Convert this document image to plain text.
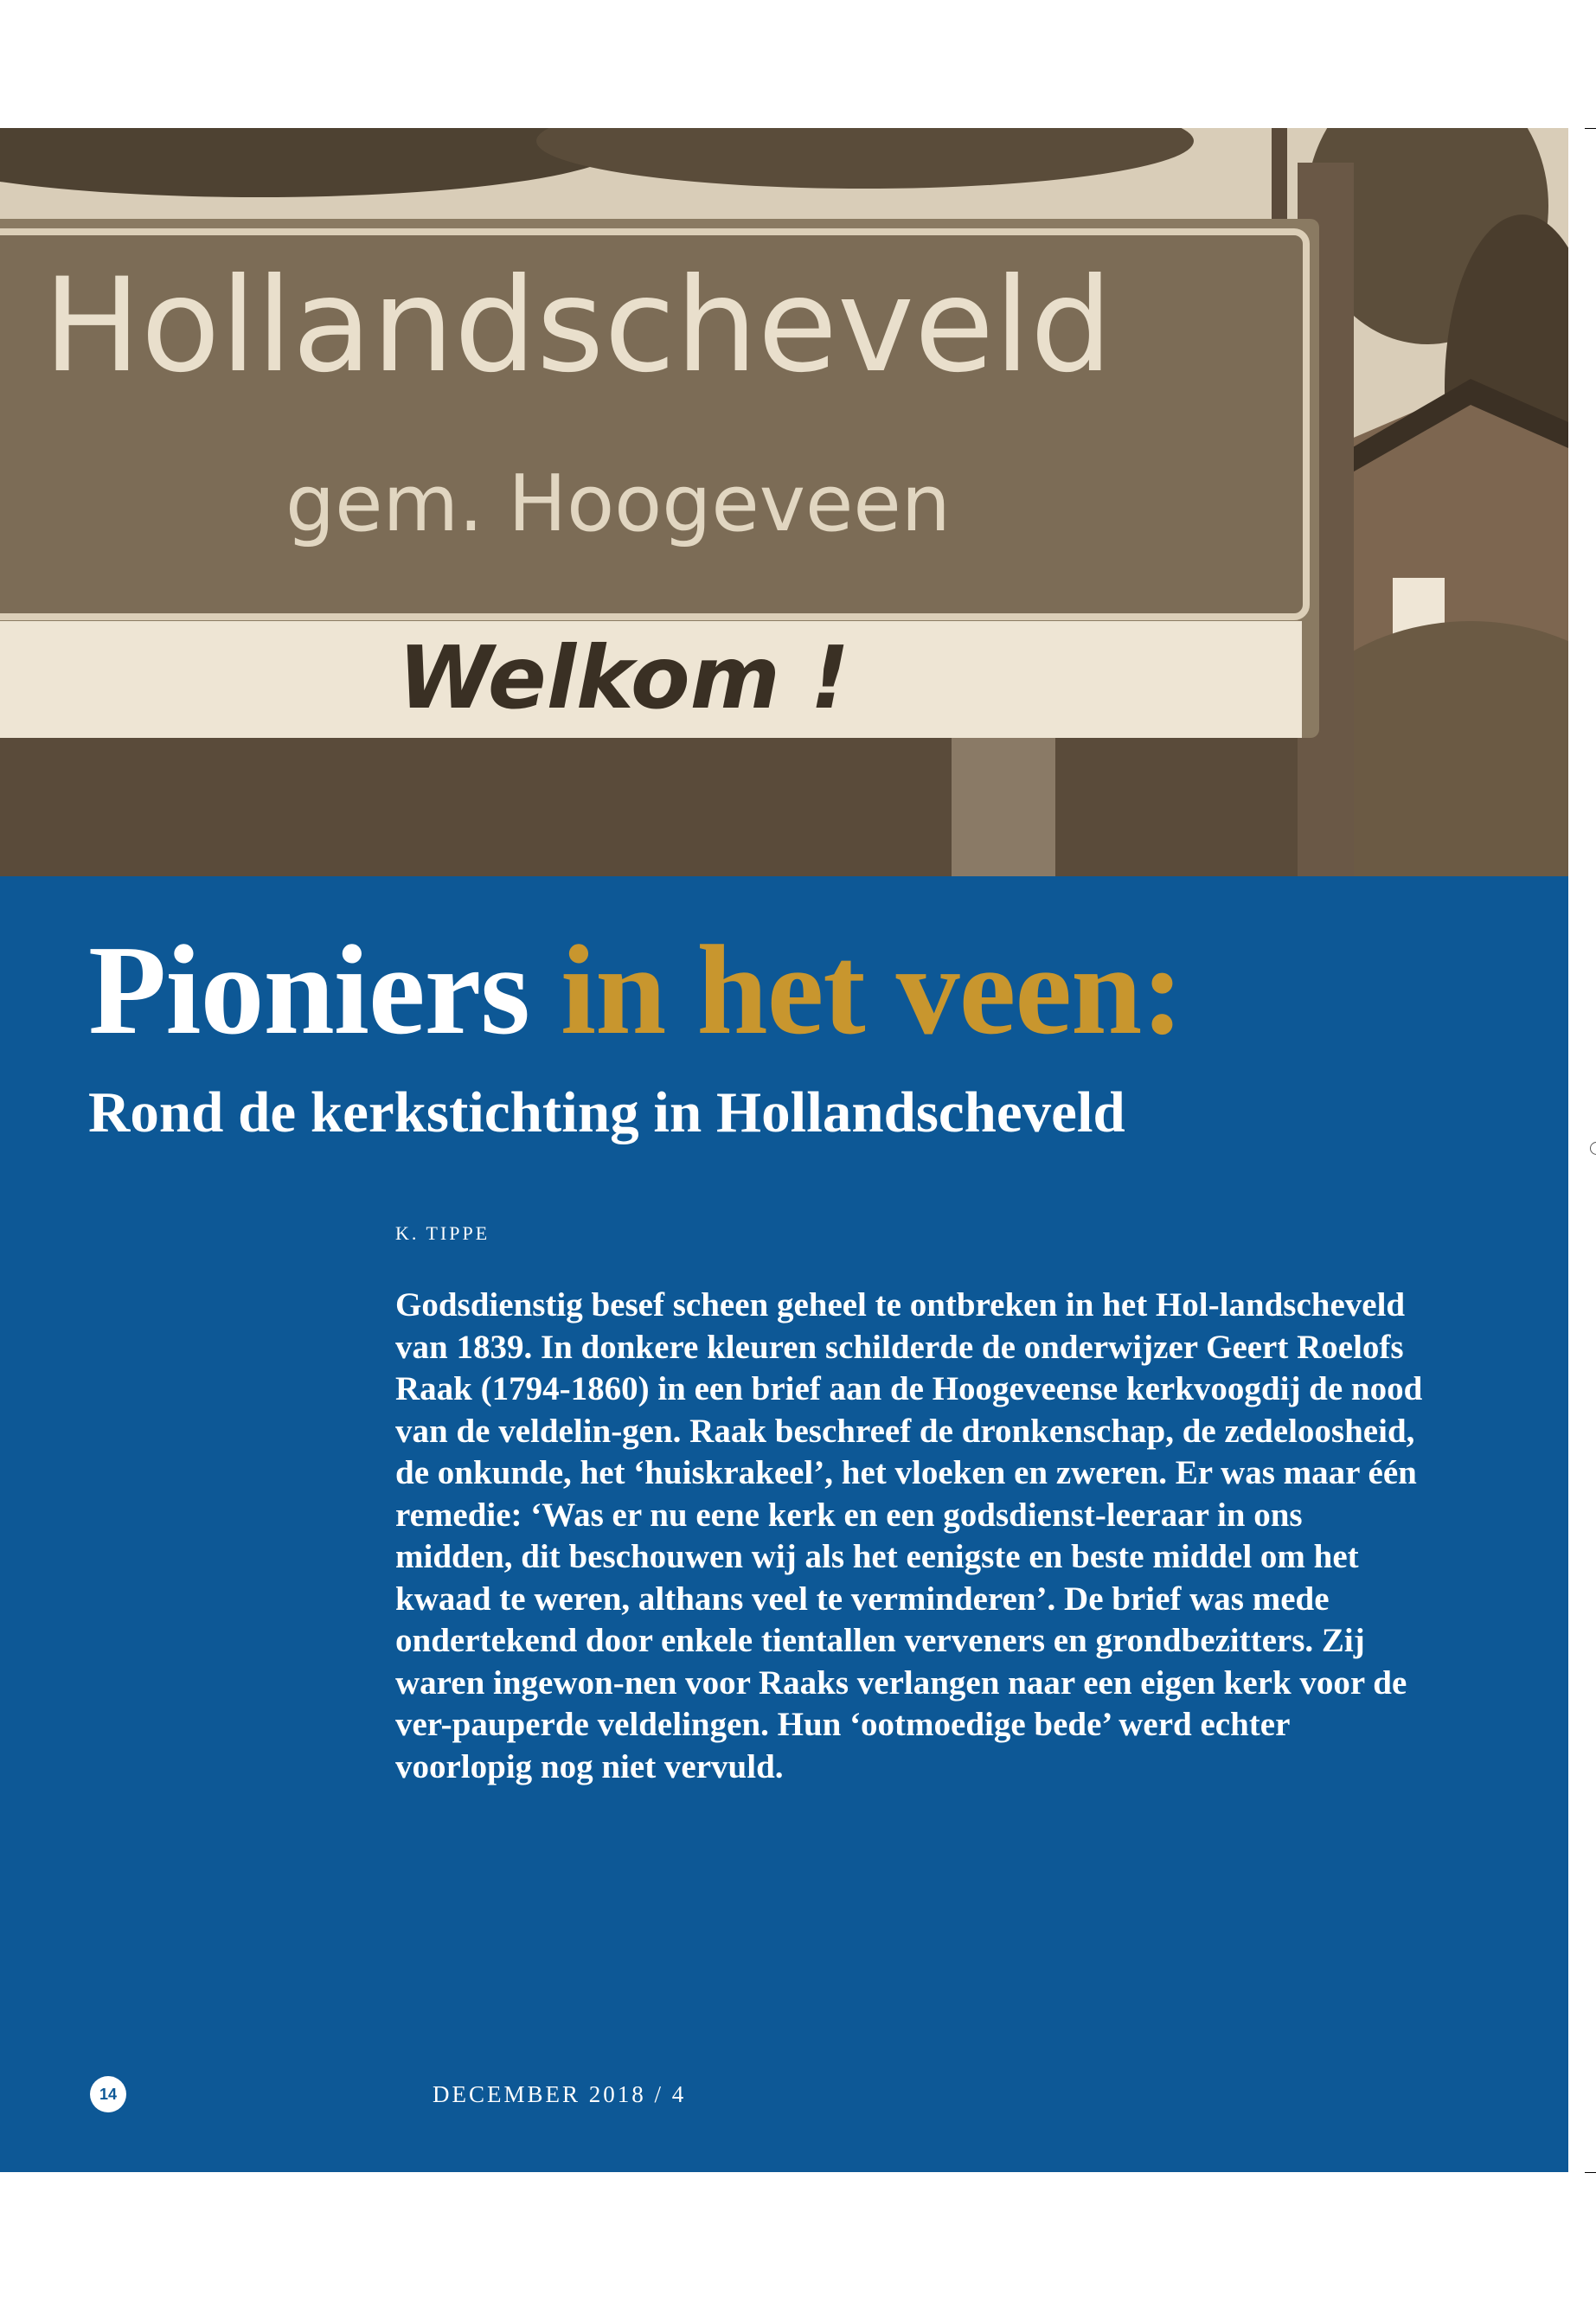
Hollandscheveld
gem. Hoogeveen
Welkom !
Pioniers in het veen:
Rond de kerkstichting in Hollandscheveld
K. TIPPE

Godsdienstig besef scheen geheel te ontbreken in het Hol-landscheveld van 1839. In donkere kleuren schilderde de onderwijzer Geert Roelofs Raak (1794-1860) in een brief aan de Hoogeveense kerkvoogdij de nood van de veldelin-gen. Raak beschreef de dronkenschap, de zedeloosheid, de onkunde, het ‘huiskrakeel’, het vloeken en zweren. Er was maar één remedie: ‘Was er nu eene kerk en een godsdienst-leeraar in ons midden, dit beschouwen wij als het eenigste en beste middel om het kwaad te weren, althans veel te verminderen’. De brief was mede ondertekend door enkele tientallen verveners en grondbezitters. Zij waren ingewon-nen voor Raaks verlangen naar een eigen kerk voor de ver-pauperde veldelingen. Hun ‘ootmoedige bede’ werd echter voorlopig nog niet vervuld.

14	DECEMBER 2018 / 4
